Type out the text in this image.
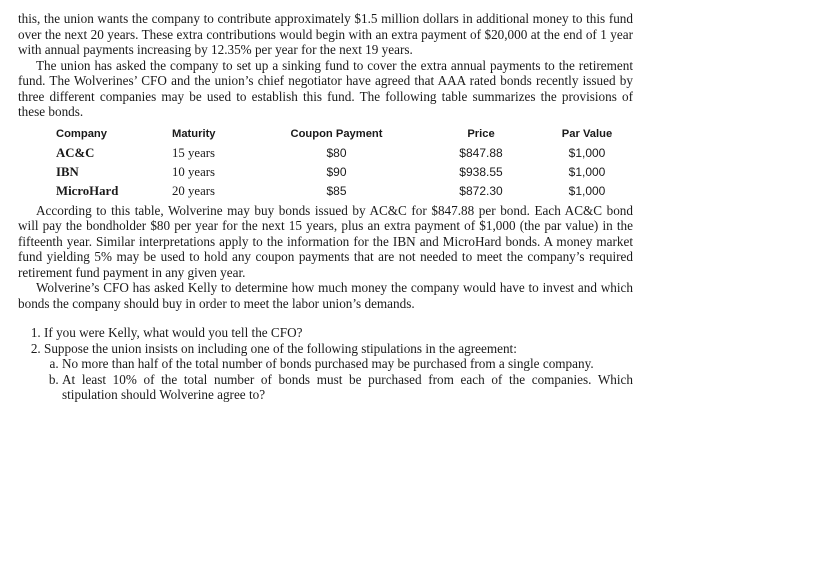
this, the union wants the company to contribute approximately $1.5 million dollars in additional money to this fund over the next 20 years. These extra contributions would begin with an extra payment of $20,000 at the end of 1 year with annual payments increasing by 12.35% per year for the next 19 years.

The union has asked the company to set up a sinking fund to cover the extra annual payments to the retirement fund. The Wolverines’ CFO and the union’s chief negotiator have agreed that AAA rated bonds recently issued by three different companies may be used to establish this fund. The following table summarizes the provisions of these bonds.

Company	Maturity	Coupon Payment	Price	Par Value
AC&C	15 years	$80	$847.88	$1,000
IBN	10 years	$90	$938.55	$1,000
MicroHard	20 years	$85	$872.30	$1,000

According to this table, Wolverine may buy bonds issued by AC&C for $847.88 per bond. Each AC&C bond will pay the bondholder $80 per year for the next 15 years, plus an extra payment of $1,000 (the par value) in the fifteenth year. Similar interpretations apply to the information for the IBN and MicroHard bonds. A money market fund yielding 5% may be used to hold any coupon payments that are not needed to meet the company’s required retirement fund payment in any given year.

Wolverine’s CFO has asked Kelly to determine how much money the company would have to invest and which bonds the company should buy in order to meet the labor union’s demands.

1. If you were Kelly, what would you tell the CFO?
2. Suppose the union insists on including one of the following stipulations in the agreement:
a. No more than half of the total number of bonds purchased may be purchased from a single company.
b. At least 10% of the total number of bonds must be purchased from each of the companies. Which stipulation should Wolverine agree to?
